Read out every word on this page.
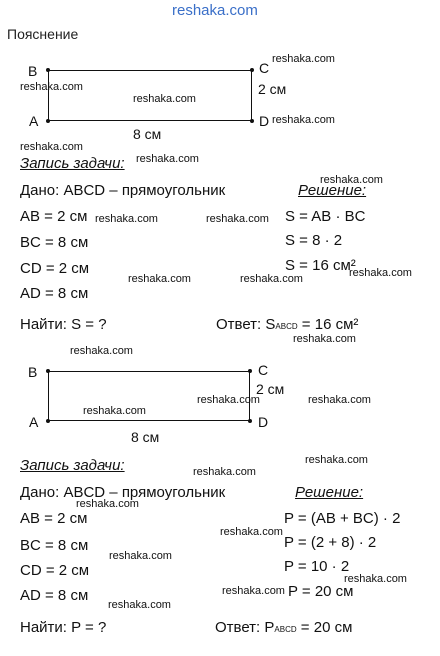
reshaka.com
Пояснение
B	C
A	D
2 см
8 см
Запись задачи:
Дано: ABCD – прямоугольник
AB = 2 см
BC = 8 см
CD = 2 см
AD = 8 см
Найти: S = ?
Решение:
S = AB · BC
S = 8 · 2
S = 16 см²
Ответ: SABCD = 16 см²
B	C
A	D
2 см
8 см
Запись задачи:
Дано: ABCD – прямоугольник
AB = 2 см
BC = 8 см
CD = 2 см
AD = 8 см
Найти: P = ?
Решение:
P = (AB + BC) · 2
P = (2 + 8) · 2
P = 10 · 2
P = 20 см
Ответ: PABCD = 20 см
reshaka.com
reshaka.com
reshaka.com
reshaka.com
reshaka.com
reshaka.com
reshaka.com
reshaka.com	reshaka.com
reshaka.com	reshaka.com	reshaka.com
reshaka.com
reshaka.com
reshaka.com	reshaka.com
reshaka.com
reshaka.com
reshaka.com
reshaka.com
reshaka.com
reshaka.com
reshaka.com
reshaka.com
reshaka.com
